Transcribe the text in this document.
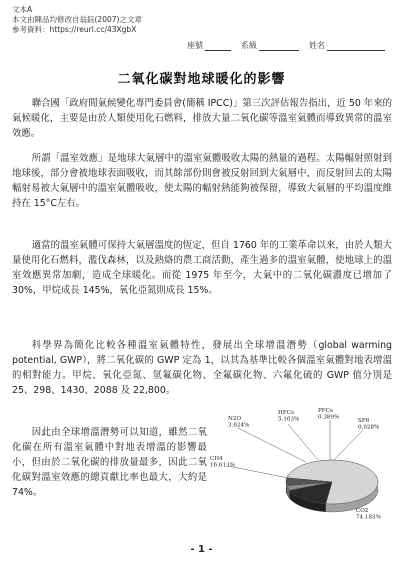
文本A
本文由陳品均修改自翁鈺(2007)之文章
參考資料：https://reurl.cc/43XgbX
座號	系級	姓名
二氧化碳對地球暖化的影響

聯合國「政府間氣候變化專門委員會(簡稱 IPCC)」第三次評估報告指出，近 50 年來的氣候暖化，主要是由於人類使用化石燃料，排放大量二氧化碳等溫室氣體而導致異常的溫室效應。

所謂「溫室效應」是地球大氣層中的溫室氣體吸收太陽的熱量的過程。太陽輻射照射到地球後，部分會被地球表面吸收，而其餘部份則會被反射回到大氣層中，而反射回去的太陽輻射易被大氣層中的溫室氣體吸收，使太陽的輻射熱能夠被保留，導致大氣層的平均溫度維持在 15°C左右。

適當的溫室氣體可保持大氣層溫度的恆定，但自 1760 年的工業革命以來，由於人類大量使用化石燃料，濫伐森林，以及熱絡的農工商活動，產生過多的溫室氣體，使地球上的溫室效應異常加劇，造成全球暖化。而從 1975 年至今，大氣中的二氧化碳濃度已增加了 30%，甲烷成長 145%，氧化亞氮則成長 15%。

科學界為簡化比較各種溫室氣體特性，發展出全球增溫潛勢（global warming potential, GWP），將二氧化碳的 GWP 定為 1，以其為基準比較各個溫室氣體對地表增溫的相對能力。甲烷、氧化亞氮、氫氟碳化物、全氟碳化物、六氟化硫的 GWP 值分別是 25、298、1430、2088 及 22,800。

因此由全球增溫潛勢可以知道，雖然二氧化碳在所有溫室氣體中對地表增溫的影響最小，但由於二氧化碳的排放量最多，因此二氧化碳對溫室效應的總貢獻比率也最大，大約是 74%。

CO2 74.183%
CH4 16.613%
N2O 3.624%
HFCs 5.163%
PFCs 0.389%
SF6 0.028%
- 1 -
